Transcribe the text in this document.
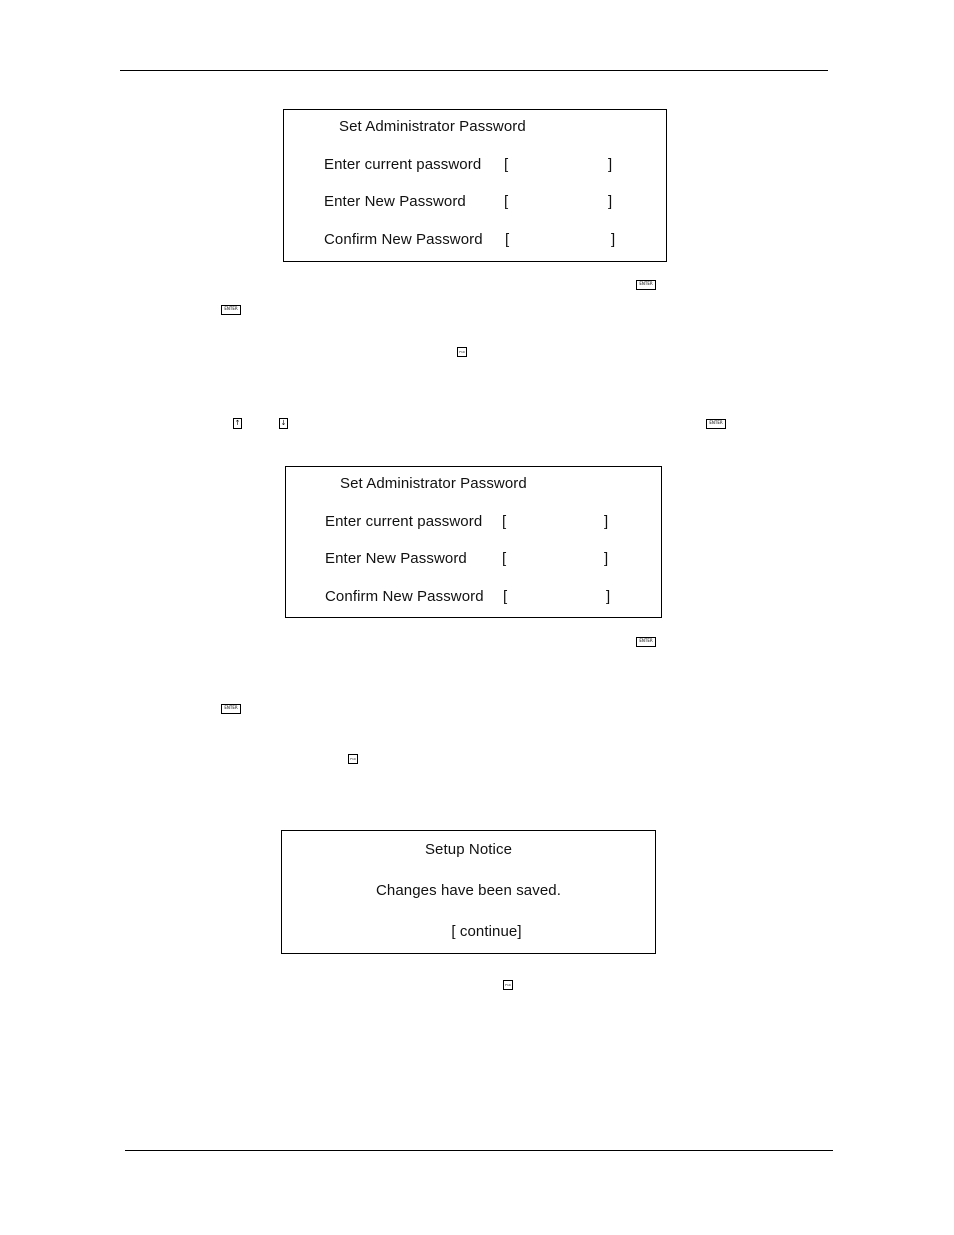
Set Administrator Password
Enter current password [	]
Enter New Password	[	]
Confirm New Password [	]
ENTER
ENTER
F10
↑	↓	ENTER
Set Administrator Password
Enter current password [	]
Enter New Password [	]
Confirm New Password [	]
ENTER
ENTER
F10
Setup Notice
Changes have been saved.
[ continue]
F10
